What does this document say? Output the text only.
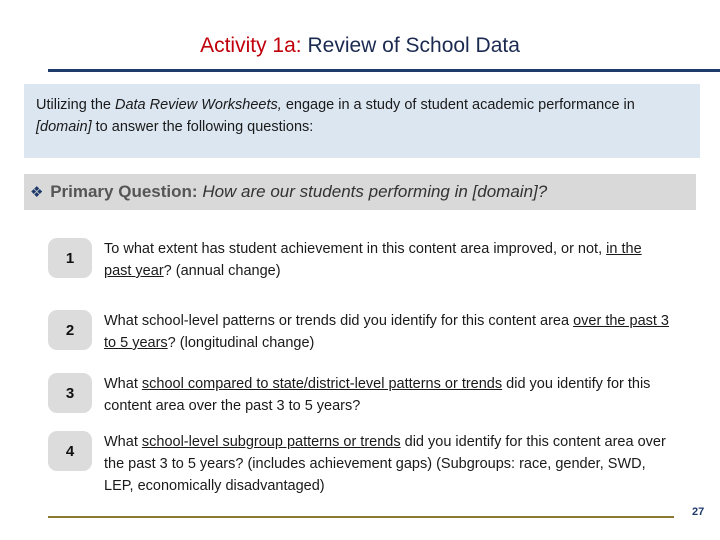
Activity 1a: Review of School Data
Utilizing the Data Review Worksheets, engage in a study of student academic performance in [domain] to answer the following questions:
❖ Primary Question: How are our students performing in [domain]?
1
To what extent has student achievement in this content area improved, or not, in the past year? (annual change)
2
What school-level patterns or trends did you identify for this content area over the past 3 to 5 years? (longitudinal change)
3
What school compared to state/district-level patterns or trends did you identify for this content area over the past 3 to 5 years?
4
What school-level subgroup patterns or trends did you identify for this content area over the past 3 to 5 years? (includes achievement gaps) (Subgroups: race, gender, SWD, LEP, economically disadvantaged)
27
